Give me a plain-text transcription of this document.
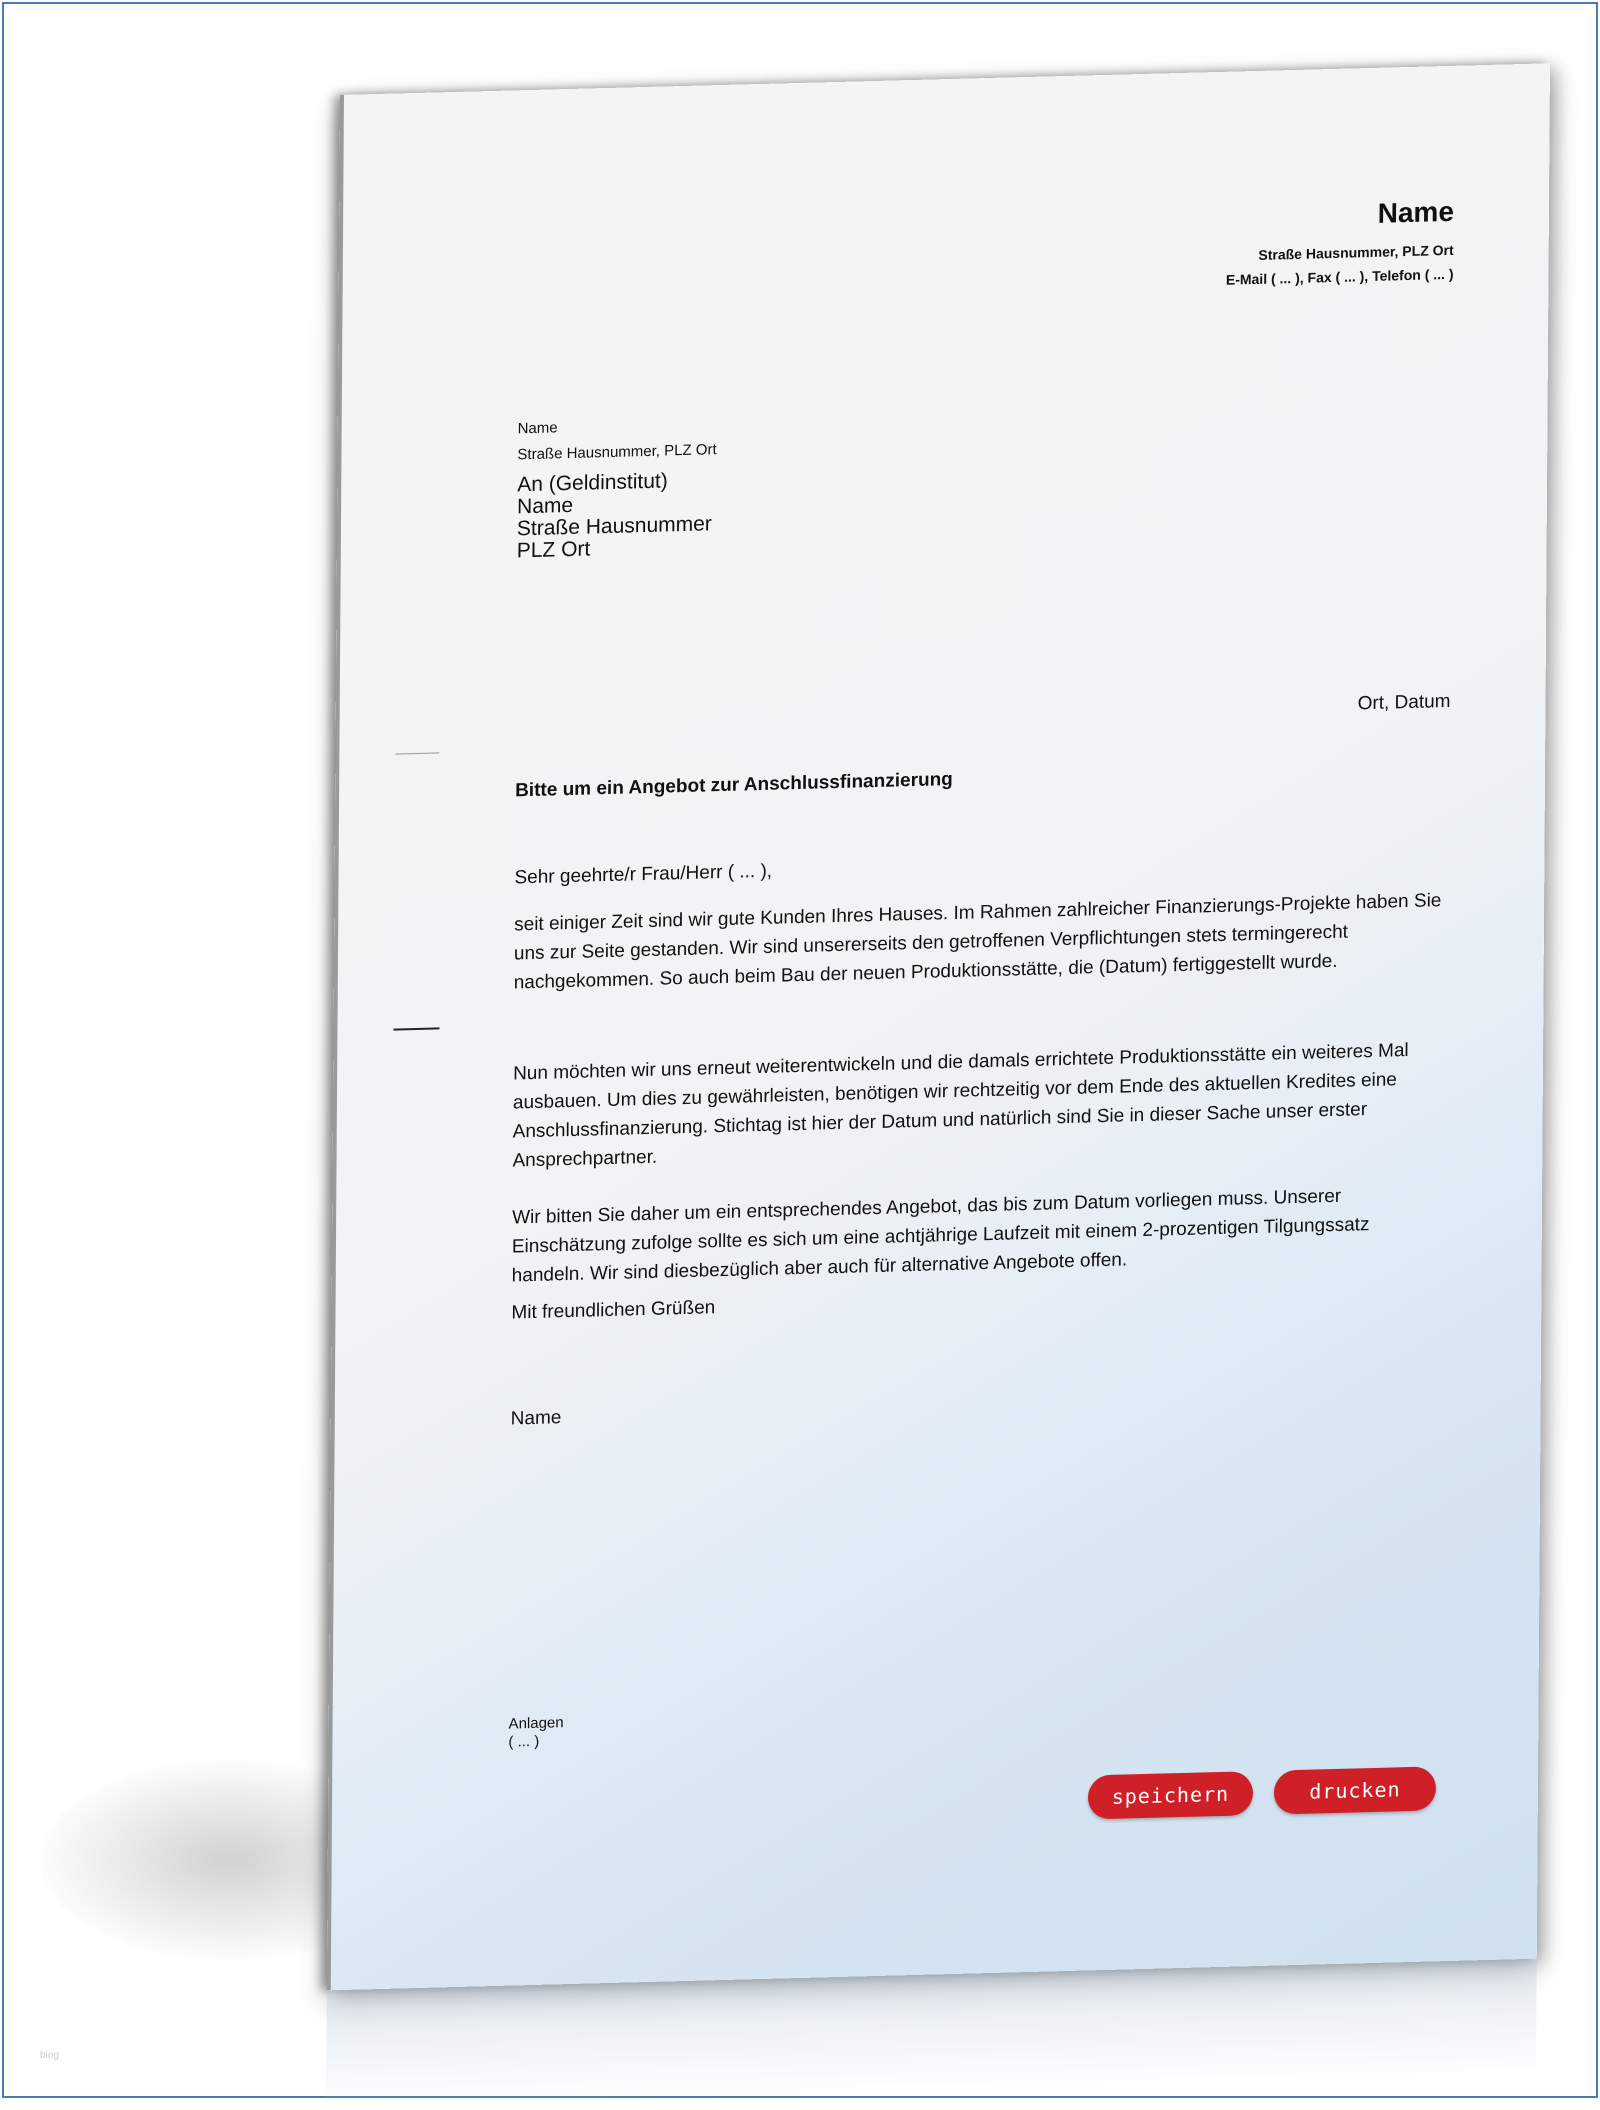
Name
Straße Hausnummer, PLZ Ort
E-Mail ( ... ), Fax ( ... ), Telefon ( ... )
Name
Straße Hausnummer, PLZ Ort
An (Geldinstitut)
Name
Straße Hausnummer
PLZ Ort
Ort, Datum
Bitte um ein Angebot zur Anschlussfinanzierung
Sehr geehrte/r Frau/Herr ( ... ),
seit einiger Zeit sind wir gute Kunden Ihres Hauses. Im Rahmen zahlreicher Finanzierungs-Projekte haben Sie uns zur Seite gestanden. Wir sind unsererseits den getroffenen Verpflichtungen stets termingerecht nachgekommen. So auch beim Bau der neuen Produktionsstätte, die (Datum) fertiggestellt wurde.
Nun möchten wir uns erneut weiterentwickeln und die damals errichtete Produktionsstätte ein weiteres Mal ausbauen. Um dies zu gewährleisten, benötigen wir rechtzeitig vor dem Ende des aktuellen Kredites eine Anschlussfinanzierung. Stichtag ist hier der Datum und natürlich sind Sie in dieser Sache unser erster Ansprechpartner.
Wir bitten Sie daher um ein entsprechendes Angebot, das bis zum Datum vorliegen muss. Unserer Einschätzung zufolge sollte es sich um eine achtjährige Laufzeit mit einem 2-prozentigen Tilgungssatz handeln. Wir sind diesbezüglich aber auch für alternative Angebote offen.
Mit freundlichen Grüßen
Name
Anlagen
( ... )
speichern	drucken
blog
